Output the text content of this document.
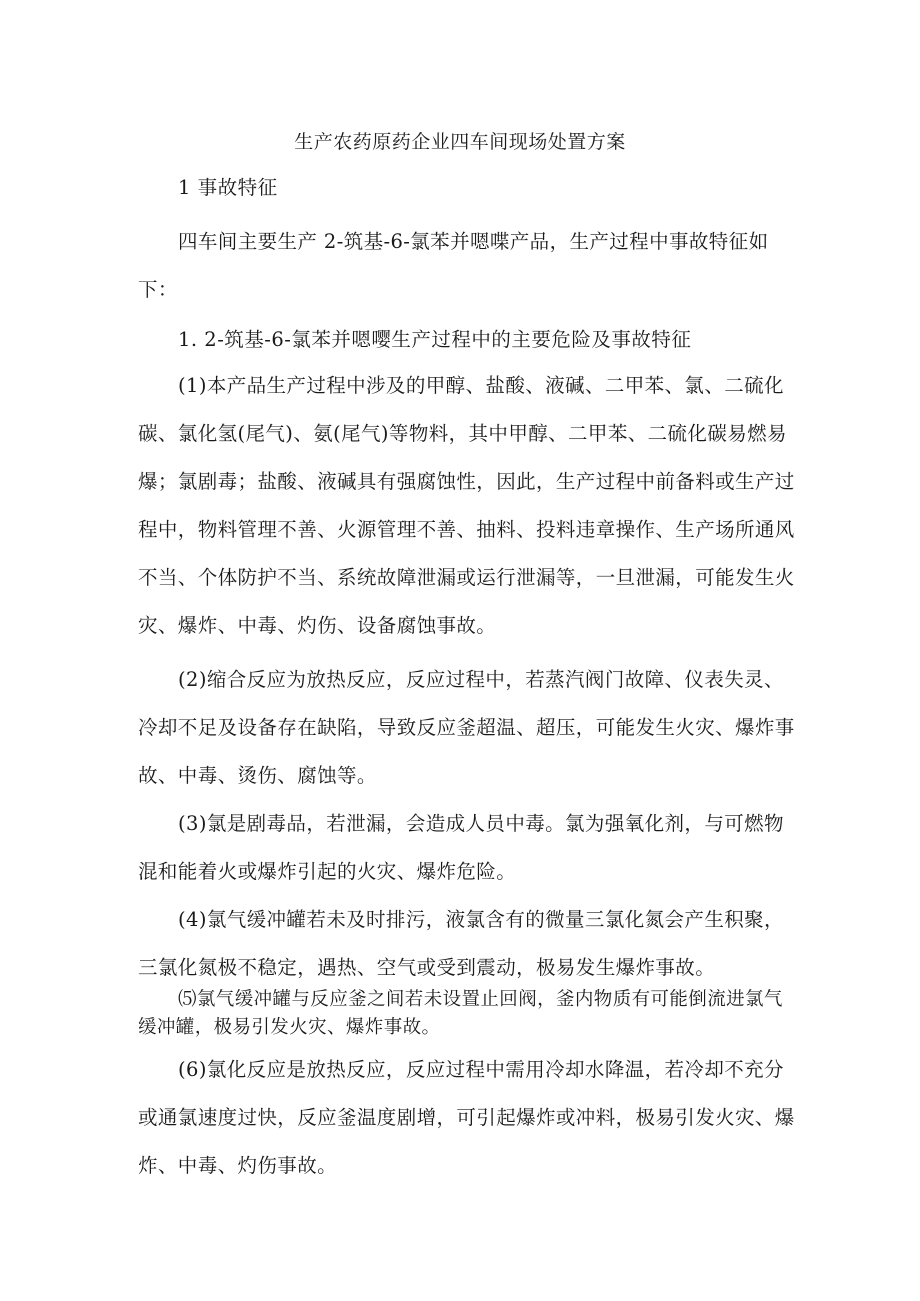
生产农药原药企业四车间现场处置方案
1 事故特征

四车间主要生产 2-筑基-6-氯苯并嗯喋产品，生产过程中事故特征如下：

1. 2-筑基-6-氯苯并嗯嘤生产过程中的主要危险及事故特征

(1)本产品生产过程中涉及的甲醇、盐酸、液碱、二甲苯、氯、二硫化碳、氯化氢(尾气)、氨(尾气)等物料，其中甲醇、二甲苯、二硫化碳易燃易爆；氯剧毒；盐酸、液碱具有强腐蚀性，因此，生产过程中前备料或生产过程中，物料管理不善、火源管理不善、抽料、投料违章操作、生产场所通风不当、个体防护不当、系统故障泄漏或运行泄漏等，一旦泄漏，可能发生火灾、爆炸、中毒、灼伤、设备腐蚀事故。

(2)缩合反应为放热反应，反应过程中，若蒸汽阀门故障、仪表失灵、冷却不足及设备存在缺陷，导致反应釜超温、超压，可能发生火灾、爆炸事故、中毒、烫伤、腐蚀等。

(3)氯是剧毒品，若泄漏，会造成人员中毒。氯为强氧化剂，与可燃物混和能着火或爆炸引起的火灾、爆炸危险。

(4)氯气缓冲罐若未及时排污，液氯含有的微量三氯化氮会产生积聚，三氯化氮极不稳定，遇热、空气或受到震动，极易发生爆炸事故。

⑸氯气缓冲罐与反应釜之间若未设置止回阀，釜内物质有可能倒流进氯气缓冲罐，极易引发火灾、爆炸事故。

(6)氯化反应是放热反应，反应过程中需用冷却水降温，若冷却不充分或通氯速度过快，反应釜温度剧增，可引起爆炸或冲料，极易引发火灾、爆炸、中毒、灼伤事故。
